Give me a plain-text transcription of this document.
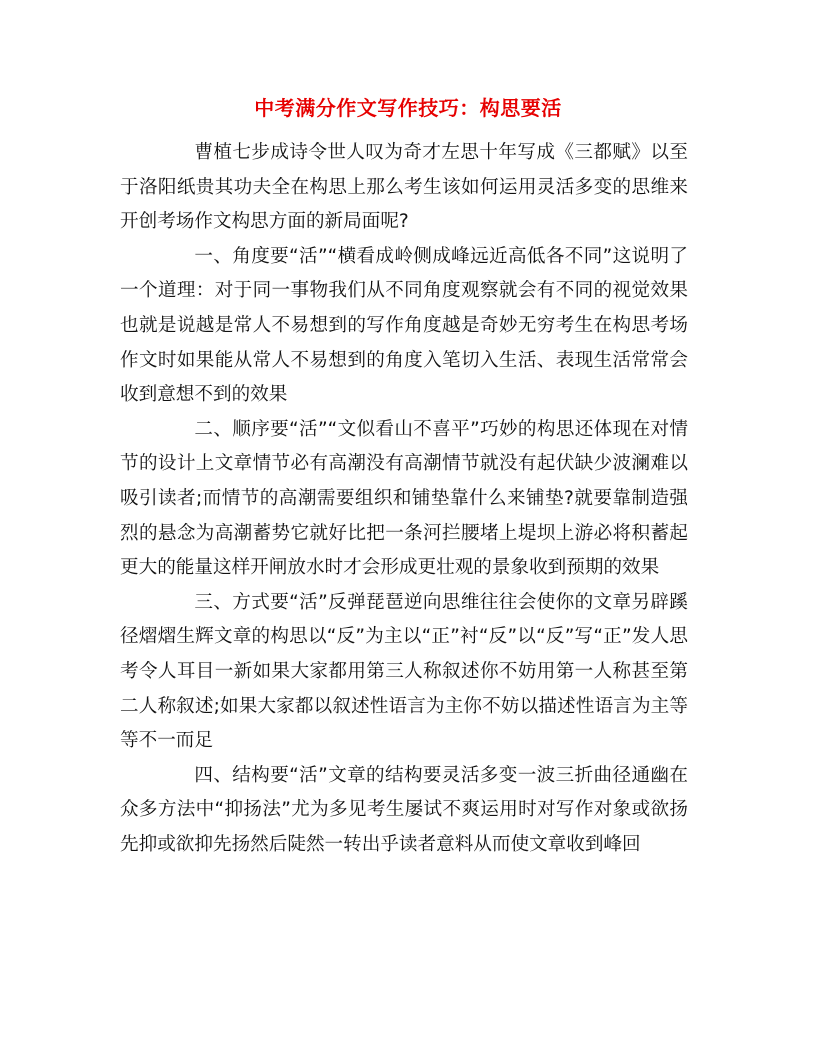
中考满分作文写作技巧：构思要活

曹植七步成诗令世人叹为奇才左思十年写成《三都赋》以至于洛阳纸贵其功夫全在构思上那么考生该如何运用灵活多变的思维来开创考场作文构思方面的新局面呢?

一、角度要“活”“横看成岭侧成峰远近高低各不同”这说明了一个道理：对于同一事物我们从不同角度观察就会有不同的视觉效果也就是说越是常人不易想到的写作角度越是奇妙无穷考生在构思考场作文时如果能从常人不易想到的角度入笔切入生活、表现生活常常会收到意想不到的效果

二、顺序要“活”“文似看山不喜平”巧妙的构思还体现在对情节的设计上文章情节必有高潮没有高潮情节就没有起伏缺少波澜难以吸引读者;而情节的高潮需要组织和铺垫靠什么来铺垫?就要靠制造强烈的悬念为高潮蓄势它就好比把一条河拦腰堵上堤坝上游必将积蓄起更大的能量这样开闸放水时才会形成更壮观的景象收到预期的效果

三、方式要“活”反弹琵琶逆向思维往往会使你的文章另辟蹊径熠熠生辉文章的构思以“反”为主以“正”衬“反”以“反”写“正”发人思考令人耳目一新如果大家都用第三人称叙述你不妨用第一人称甚至第二人称叙述;如果大家都以叙述性语言为主你不妨以描述性语言为主等等不一而足

四、结构要“活”文章的结构要灵活多变一波三折曲径通幽在众多方法中“抑扬法”尤为多见考生屡试不爽运用时对写作对象或欲扬先抑或欲抑先扬然后陡然一转出乎读者意料从而使文章收到峰回
